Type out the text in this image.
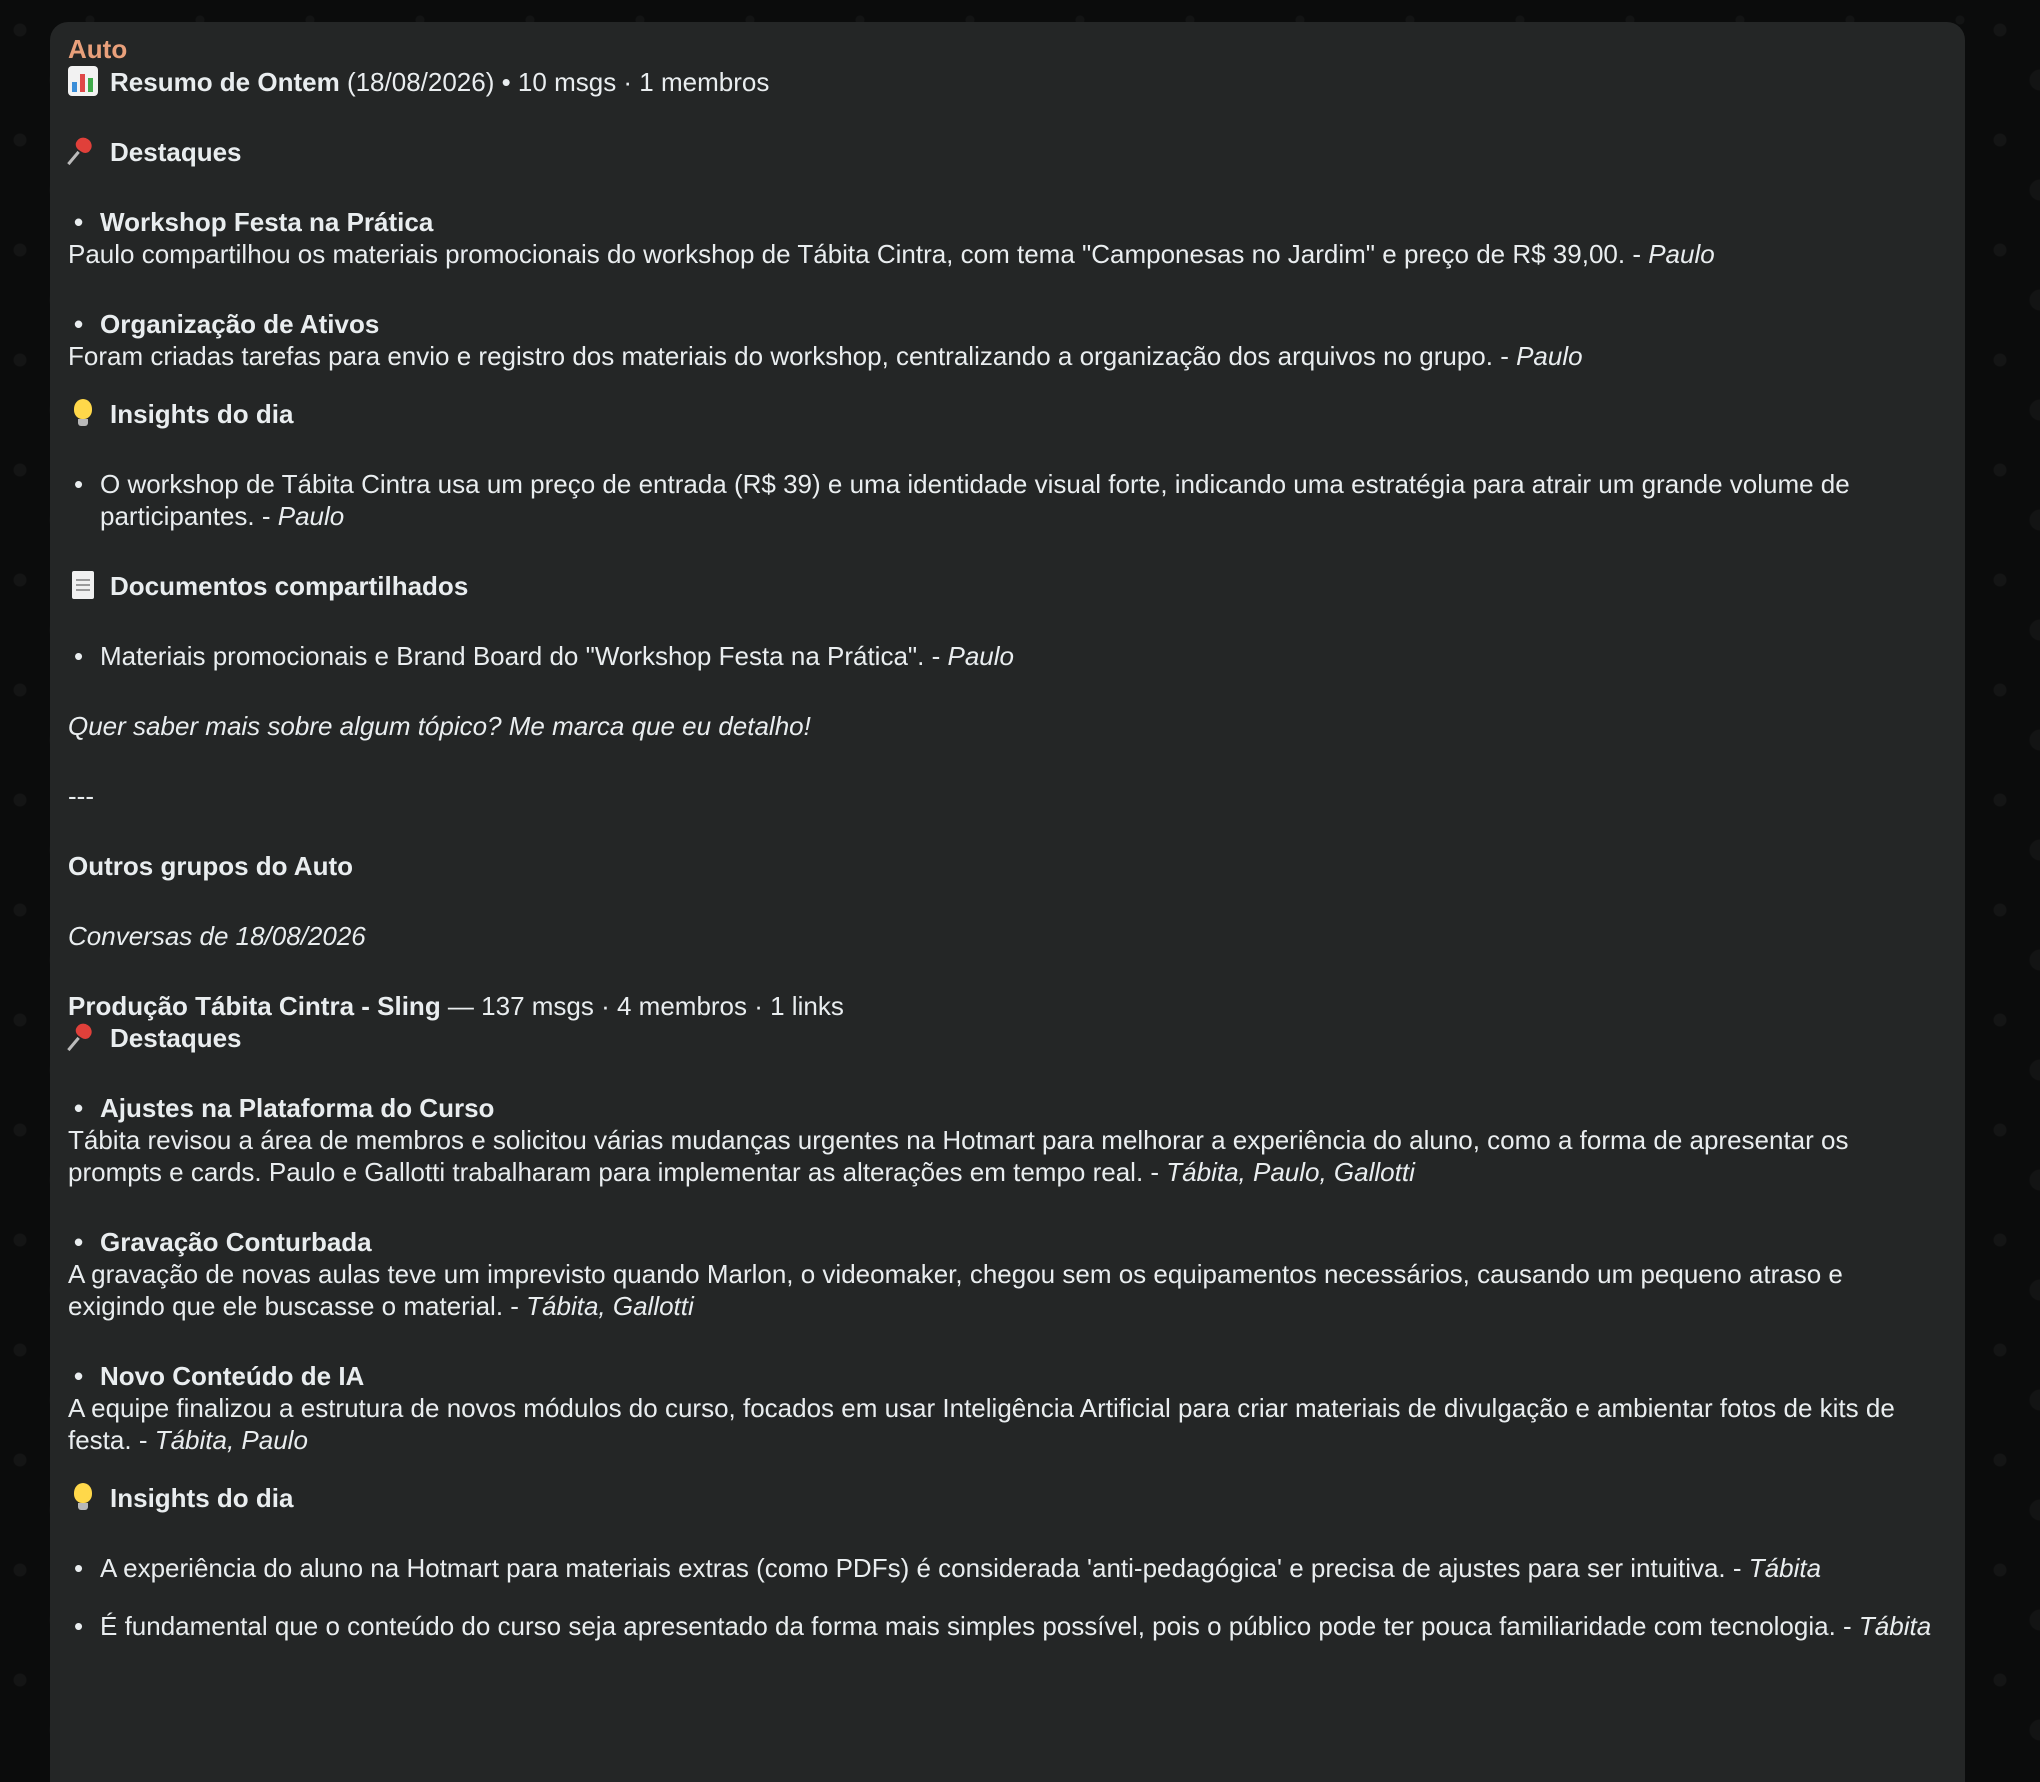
Auto
Resumo de Ontem (18/08/2026) • 10 msgs · 1 membros
Destaques
• Workshop Festa na Prática
Paulo compartilhou os materiais promocionais do workshop de Tábita Cintra, com tema "Camponesas no Jardim" e preço de R$ 39,00. - Paulo
• Organização de Ativos
Foram criadas tarefas para envio e registro dos materiais do workshop, centralizando a organização dos arquivos no grupo. - Paulo
Insights do dia
• O workshop de Tábita Cintra usa um preço de entrada (R$ 39) e uma identidade visual forte, indicando uma estratégia para atrair um grande volume de participantes. - Paulo
Documentos compartilhados
• Materiais promocionais e Brand Board do "Workshop Festa na Prática". - Paulo
Quer saber mais sobre algum tópico? Me marca que eu detalho!
---
Outros grupos do Auto
Conversas de 18/08/2026
Produção Tábita Cintra - Sling — 137 msgs · 4 membros · 1 links
Destaques
• Ajustes na Plataforma do Curso
Tábita revisou a área de membros e solicitou várias mudanças urgentes na Hotmart para melhorar a experiência do aluno, como a forma de apresentar os prompts e cards. Paulo e Gallotti trabalharam para implementar as alterações em tempo real. - Tábita, Paulo, Gallotti
• Gravação Conturbada
A gravação de novas aulas teve um imprevisto quando Marlon, o videomaker, chegou sem os equipamentos necessários, causando um pequeno atraso e exigindo que ele buscasse o material. - Tábita, Gallotti
• Novo Conteúdo de IA
A equipe finalizou a estrutura de novos módulos do curso, focados em usar Inteligência Artificial para criar materiais de divulgação e ambientar fotos de kits de festa. - Tábita, Paulo
Insights do dia
• A experiência do aluno na Hotmart para materiais extras (como PDFs) é considerada 'anti-pedagógica' e precisa de ajustes para ser intuitiva. - Tábita
• É fundamental que o conteúdo do curso seja apresentado da forma mais simples possível, pois o público pode ter pouca familiaridade com tecnologia. - Tábita
